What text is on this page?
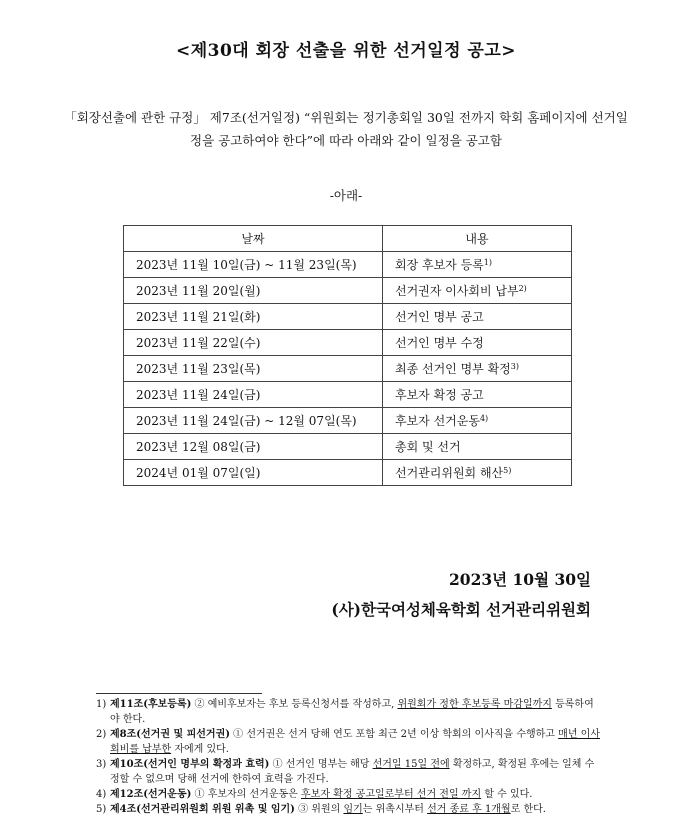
<제30대 회장 선출을 위한 선거일정 공고>
「회장선출에 관한 규정」 제7조(선거일정) “위원회는 정기총회일 30일 전까지 학회 홈페이지에 선거일정을 공고하여야 한다”에 따라 아래와 같이 일정을 공고함
-아래-
날짜	내용
2023년 11월 10일(금) ~ 11월 23일(목)	회장 후보자 등록$^{1)}$
2023년 11월 20일(월)	선거권자 이사회비 납부$^{2)}$
2023년 11월 21일(화)	선거인 명부 공고
2023년 11월 22일(수)	선거인 명부 수정
2023년 11월 23일(목)	최종 선거인 명부 확정$^{3)}$
2023년 11월 24일(금)	후보자 확정 공고
2023년 11월 24일(금) ~ 12월 07일(목)	후보자 선거운동$^{4)}$
2023년 12월 08일(금)	총회 및 선거
2024년 01월 07일(일)	선거관리위원회 해산$^{5)}$
2023년 10월 30일
(사)한국여성체육학회 선거관리위원회
1) 제11조(후보등록) ② 예비후보자는 후보 등록신청서를 작성하고, 위원회가 정한 후보등록 마감일까지 등록하여야 한다.
2) 제8조(선거권 및 피선거권) ① 선거권은 선거 당해 연도 포함 최근 2년 이상 학회의 이사직을 수행하고 매년 이사회비를 납부한 자에게 있다.
3) 제10조(선거인 명부의 확정과 효력) ① 선거인 명부는 해당 선거일 15일 전에 확정하고, 확정된 후에는 일체 수정할 수 없으며 당해 선거에 한하여 효력을 가진다.
4) 제12조(선거운동) ① 후보자의 선거운동은 후보자 확정 공고일로부터 선거 전일 까지 할 수 있다.
5) 제4조(선거관리위원회 위원 위촉 및 임기) ③ 위원의 임기는 위촉시부터 선거 종료 후 1개월로 한다.
